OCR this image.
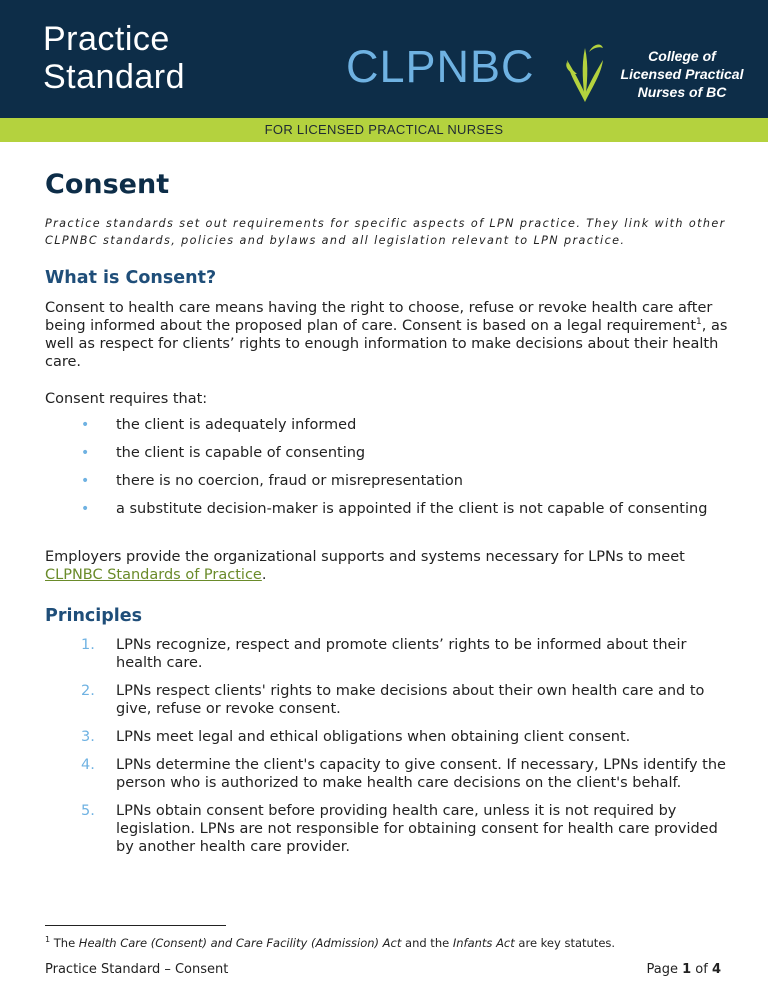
Practice
Standard	CLPNBC	College of
Licensed Practical
Nurses of BC
FOR LICENSED PRACTICAL NURSES
Consent

Practice standards set out requirements for specific aspects of LPN practice. They link with other CLPNBC standards, policies and bylaws and all legislation relevant to LPN practice.

What is Consent?

Consent to health care means having the right to choose, refuse or revoke health care after being informed about the proposed plan of care. Consent is based on a legal requirement$^1$, as well as respect for clients’ rights to enough information to make decisions about their health care.

Consent requires that:

• the client is adequately informed
• the client is capable of consenting
• there is no coercion, fraud or misrepresentation
• a substitute decision-maker is appointed if the client is not capable of consenting

Employers provide the organizational supports and systems necessary for LPNs to meet CLPNBC Standards of Practice.

Principles
1. LPNs recognize, respect and promote clients’ rights to be informed about their health care.
2. LPNs respect clients' rights to make decisions about their own health care and to give, refuse or revoke consent.
3. LPNs meet legal and ethical obligations when obtaining client consent.
4. LPNs determine the client's capacity to give consent. If necessary, LPNs identify the person who is authorized to make health care decisions on the client's behalf.
5. LPNs obtain consent before providing health care, unless it is not required by legislation. LPNs are not responsible for obtaining consent for health care provided by another health care provider.
$^1$ The Health Care (Consent) and Care Facility (Admission) Act and the Infants Act are key statutes.
Practice Standard – Consent	Page 1 of 4
